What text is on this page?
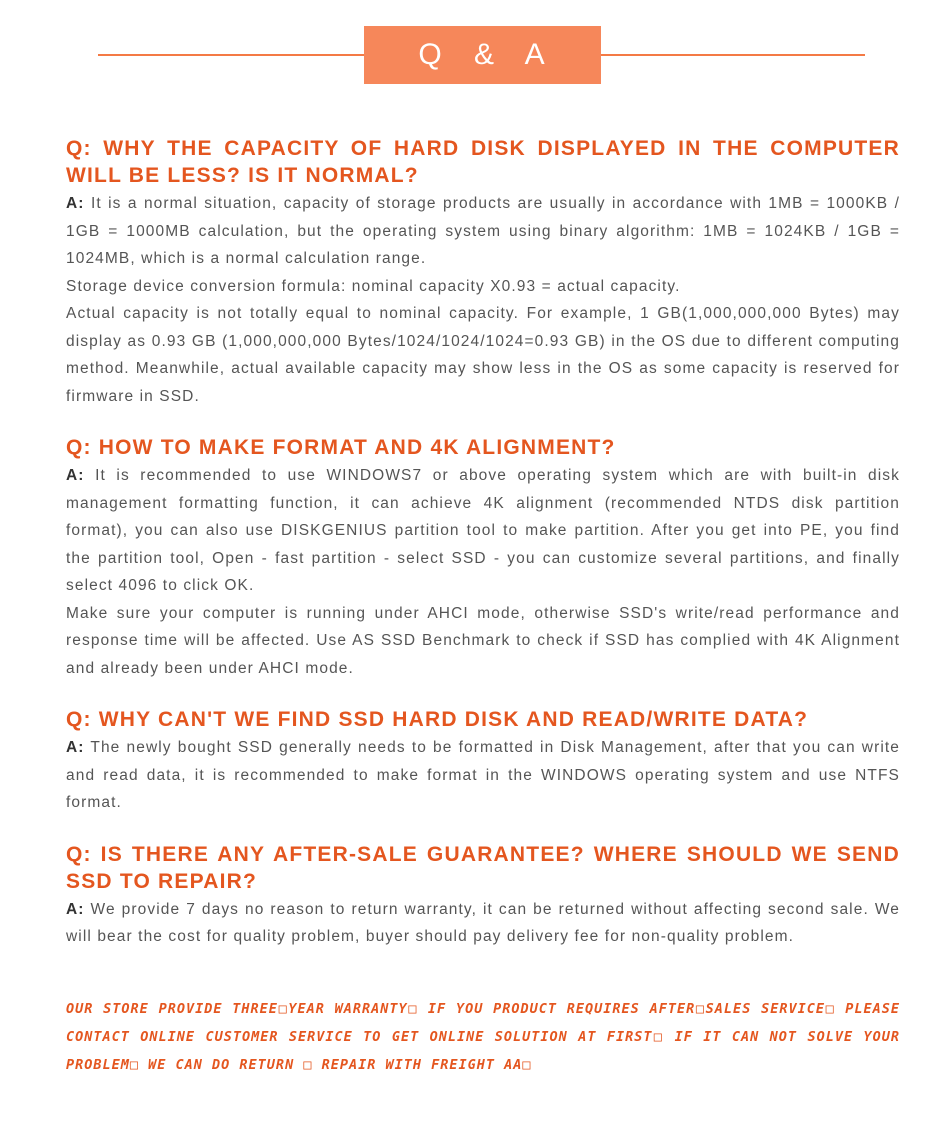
Q & A
Q: WHY THE CAPACITY OF HARD DISK DISPLAYED IN THE COMPUTER WILL BE LESS? IS IT NORMAL?

A: It is a normal situation, capacity of storage products are usually in accordance with 1MB = 1000KB / 1GB = 1000MB calculation, but the operating system using binary algorithm: 1MB = 1024KB / 1GB = 1024MB, which is a normal calculation range.

Storage device conversion formula: nominal capacity X0.93 = actual capacity.

Actual capacity is not totally equal to nominal capacity. For example, 1 GB(1,000,000,000 Bytes) may display as 0.93 GB (1,000,000,000 Bytes/1024/1024/1024=0.93 GB) in the OS due to different computing method. Meanwhile, actual available capacity may show less in the OS as some capacity is reserved for firmware in SSD.

Q: HOW TO MAKE FORMAT AND 4K ALIGNMENT?

A: It is recommended to use WINDOWS7 or above operating system which are with built-in disk management formatting function, it can achieve 4K alignment (recommended NTDS disk partition format), you can also use DISKGENIUS partition tool to make partition. After you get into PE, you find the partition tool, Open - fast partition - select SSD - you can customize several partitions, and finally select 4096 to click OK.

Make sure your computer is running under AHCI mode, otherwise SSD's write/read performance and response time will be affected. Use AS SSD Benchmark to check if SSD has complied with 4K Alignment and already been under AHCI mode.

Q: WHY CAN'T WE FIND SSD HARD DISK AND READ/WRITE DATA?

A: The newly bought SSD generally needs to be formatted in Disk Management, after that you can write and read data, it is recommended to make format in the WINDOWS operating system and use NTFS format.

Q: IS THERE ANY AFTER-SALE GUARANTEE? WHERE SHOULD WE SEND SSD TO REPAIR?

A: We provide 7 days no reason to return warranty, it can be returned without affecting second sale. We will bear the cost for quality problem, buyer should pay delivery fee for non-quality problem.

OUR STORE PROVIDE THREE□YEAR WARRANTY□ IF YOU PRODUCT REQUIRES AFTER□SALES SERVICE□ PLEASE CONTACT ONLINE CUSTOMER SERVICE TO GET ONLINE SOLUTION AT FIRST□ IF IT CAN NOT SOLVE YOUR PROBLEM□ WE CAN DO RETURN □ REPAIR WITH FREIGHT AA□
